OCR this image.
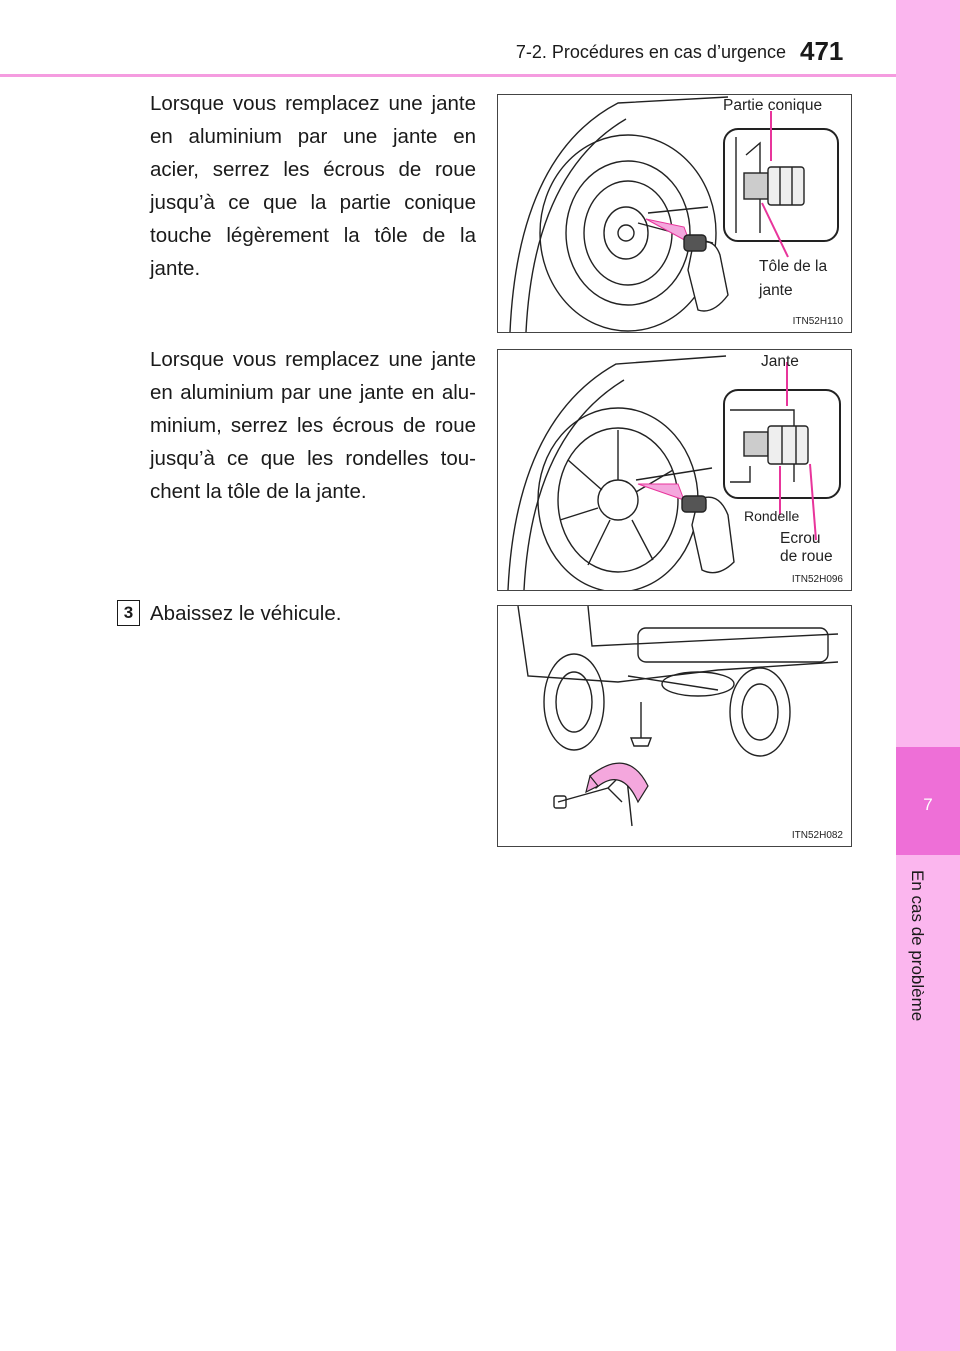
7-2. Procédures en cas d’urgence 471
7
En cas de problème

Lorsque vous remplacez une jante en aluminium par une jante en acier, serrez les écrous de roue jusqu’à ce que la partie conique touche légèrement la tôle de la jante.

Lorsque vous remplacez une jante en aluminium par une jante en alu-minium, serrez les écrous de roue jusqu’à ce que les rondelles tou-chent la tôle de la jante.

3 Abaissez le véhicule.

Partie conique
Tôle de la
jante
ITN52H110
Jante
Rondelle
Ecrou
de roue
ITN52H096
ITN52H082
